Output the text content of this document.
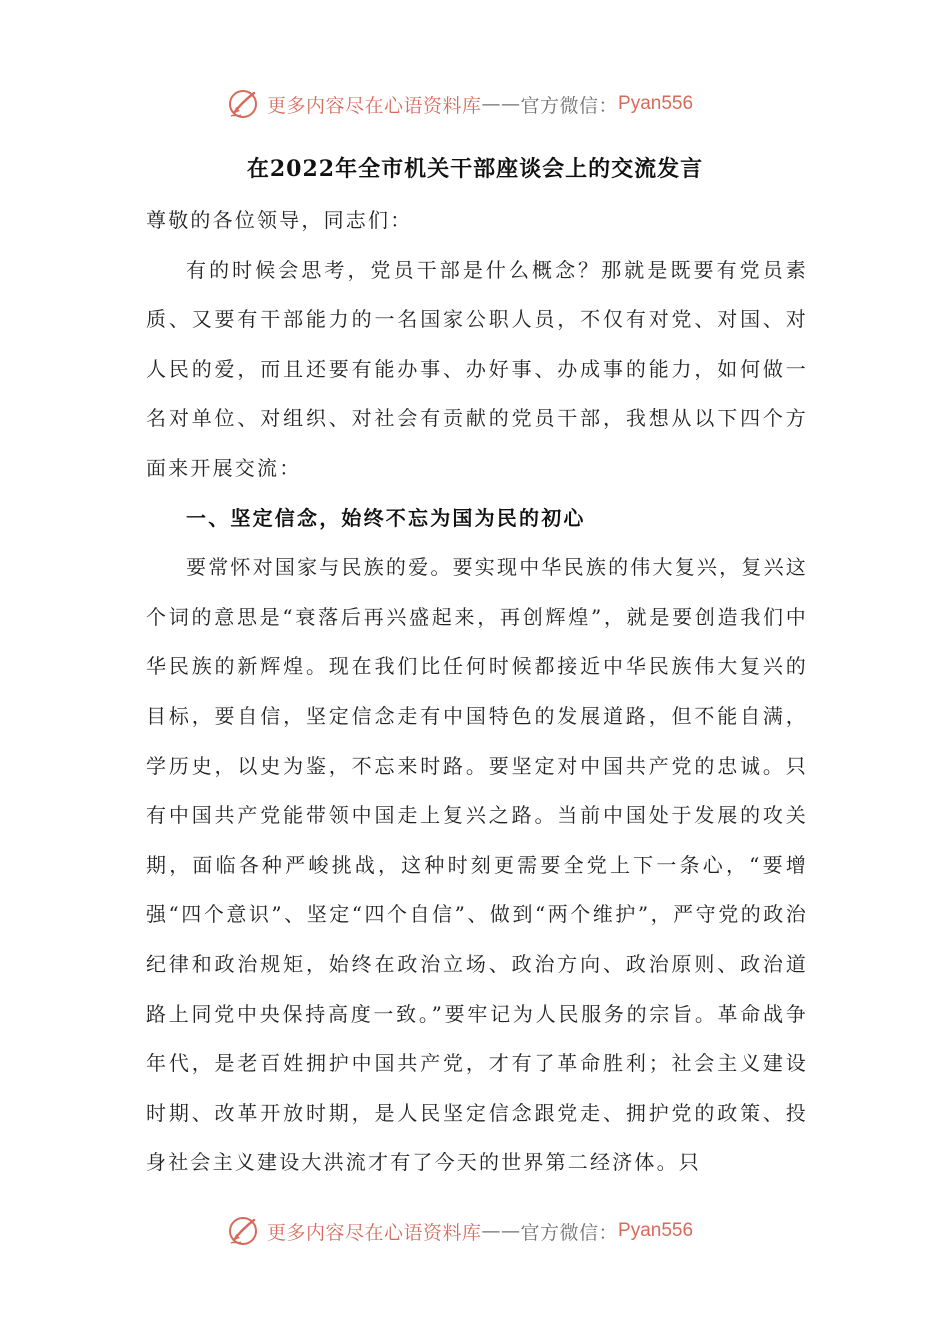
更多内容尽在心语资料库 —— 官方微信： Pyan556
在2022年全市机关干部座谈会上的交流发言

尊敬的各位领导，同志们：

有的时候会思考，党员干部是什么概念？那就是既要有党员素质、又要有干部能力的一名国家公职人员，不仅有对党、对国、对人民的爱，而且还要有能办事、办好事、办成事的能力，如何做一名对单位、对组织、对社会有贡献的党员干部，我想从以下四个方面来开展交流：

一、坚定信念，始终不忘为国为民的初心

要常怀对国家与民族的爱。要实现中华民族的伟大复兴，复兴这个词的意思是“衰落后再兴盛起来，再创辉煌”，就是要创造我们中华民族的新辉煌。现在我们比任何时候都接近中华民族伟大复兴的目标，要自信，坚定信念走有中国特色的发展道路，但不能自满，学历史，以史为鉴，不忘来时路。要坚定对中国共产党的忠诚。只有中国共产党能带领中国走上复兴之路。当前中国处于发展的攻关期，面临各种严峻挑战，这种时刻更需要全党上下一条心，“要增强“四个意识”、坚定“四个自信”、做到“两个维护”，严守党的政治纪律和政治规矩，始终在政治立场、政治方向、政治原则、政治道路上同党中央保持高度一致。”要牢记为人民服务的宗旨。革命战争年代，是老百姓拥护中国共产党，才有了革命胜利；社会主义建设时期、改革开放时期，是人民坚定信念跟党走、拥护党的政策、投身社会主义建设大洪流才有了今天的世界第二经济体。只

更多内容尽在心语资料库 —— 官方微信： Pyan556
